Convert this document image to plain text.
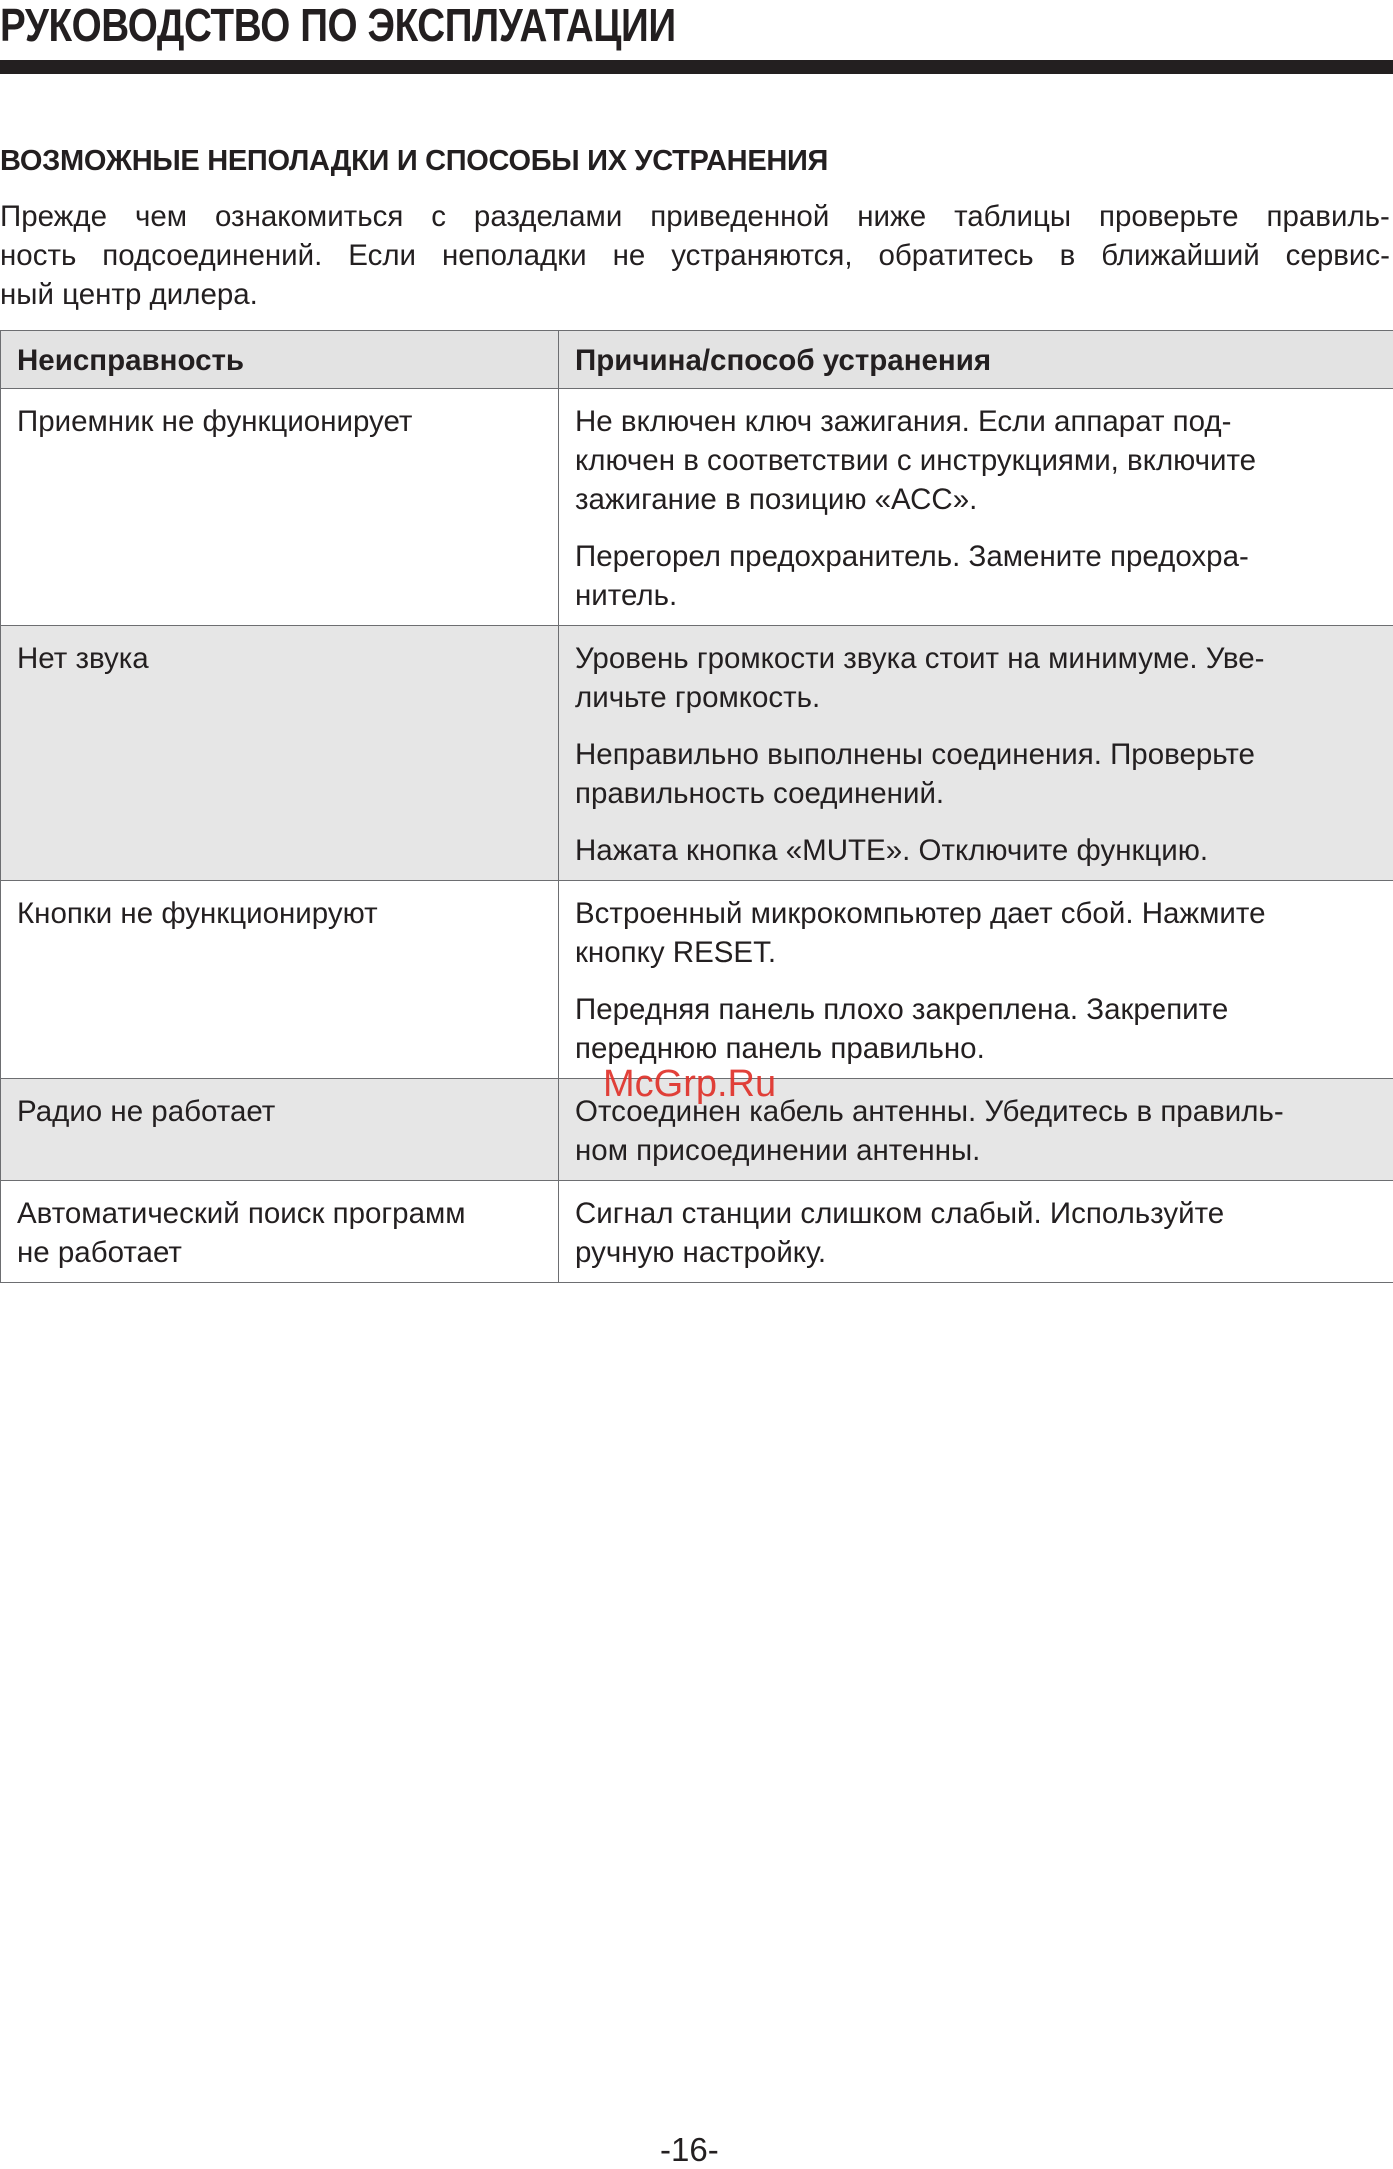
РУКОВОДСТВО ПО ЭКСПЛУАТАЦИИ
ВОЗМОЖНЫЕ НЕПОЛАДКИ И СПОСОБЫ ИХ УСТРАНЕНИЯ
Прежде чем ознакомиться с разделами приведенной ниже таблицы проверьте правиль-
ность подсоединений. Если неполадки не устраняются, обратитесь в ближайший сервис-
ный центр дилера.
Неисправность	Причина/способ устранения

Приемник не функционирует	Не включен ключ зажигания. Если аппарат под-
ключен в соответствии с инструкциями, включите
зажигание в позицию «АСС».
Перегорел предохранитель. Замените предохра-
нитель.

Нет звука	Уровень громкости звука стоит на минимуме. Уве-
личьте громкость.
Неправильно выполнены соединения. Проверьте
правильность соединений.
Нажата кнопка «MUTE». Отключите функцию.

Кнопки не функционируют	Встроенный микрокомпьютер дает сбой. Нажмите
кнопку RESET.
Передняя панель плохо закреплена. Закрепите
переднюю панель правильно.

Радио не работает	Отсоединен кабель антенны. Убедитесь в правиль-
ном присоединении антенны.

Автоматический поиск программ
не работает	Сигнал станции слишком слабый. Используйте
ручную настройку.
McGrp.Ru
-16-
